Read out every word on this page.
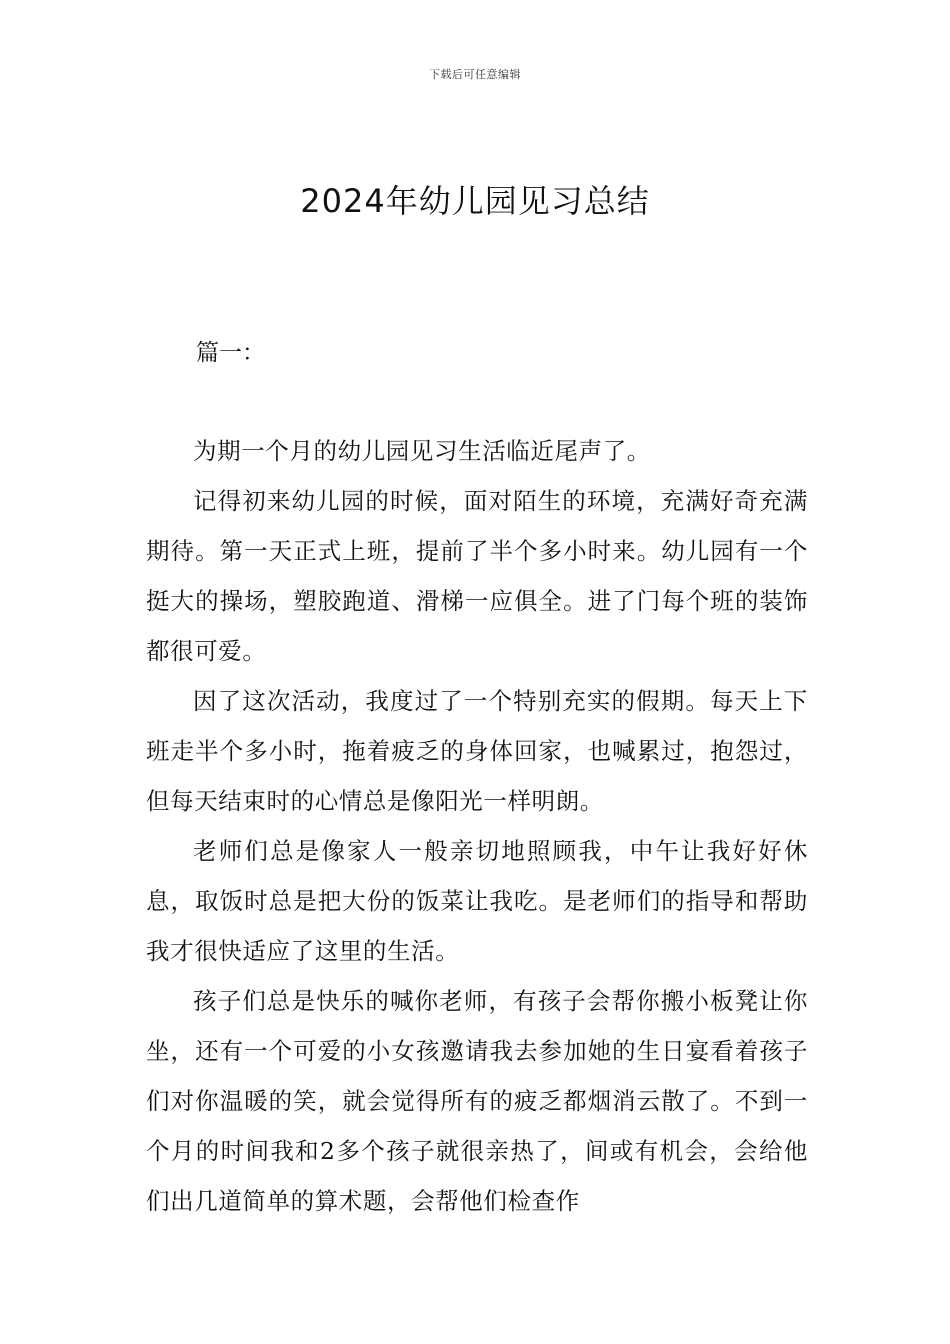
下载后可任意编辑
2024年幼儿园见习总结
篇一：

为期一个月的幼儿园见习生活临近尾声了。

记得初来幼儿园的时候，面对陌生的环境，充满好奇充满期待。第一天正式上班，提前了半个多小时来。幼儿园有一个挺大的操场，塑胶跑道、滑梯一应俱全。进了门每个班的装饰都很可爱。

因了这次活动，我度过了一个特别充实的假期。每天上下班走半个多小时，拖着疲乏的身体回家，也喊累过，抱怨过，但每天结束时的心情总是像阳光一样明朗。

老师们总是像家人一般亲切地照顾我，中午让我好好休息，取饭时总是把大份的饭菜让我吃。是老师们的指导和帮助我才很快适应了这里的生活。

孩子们总是快乐的喊你老师，有孩子会帮你搬小板凳让你坐，还有一个可爱的小女孩邀请我去参加她的生日宴看着孩子们对你温暖的笑，就会觉得所有的疲乏都烟消云散了。不到一个月的时间我和2多个孩子就很亲热了，间或有机会，会给他们出几道简单的算术题，会帮他们检查作
